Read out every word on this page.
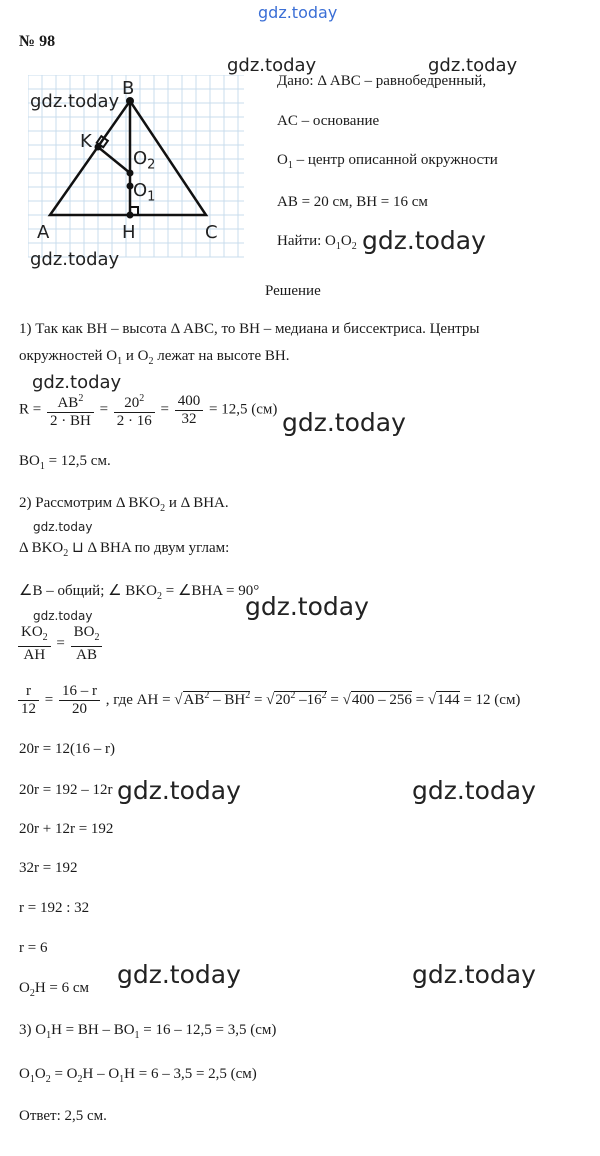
gdz.today
№ 98
B
K
$O_2$
$O_1$
A	H	C
gdz.today	gdz.today
gdz.today
Дано: Δ ABC – равнобедренный,
AC – основание
$O_1$ – центр описанной окружности
AB = 20 см, BH = 16 см
Найти: $O_1O_2$ gdz.today
gdz.today
Решение
1) Так как BH – высота Δ ABC, то BH – медиана и биссектриса. Центры
окружностей $O_1$ и $O_2$ лежат на высоте BH.
gdz.today
$R = \frac{AB^2}{2 \cdot BH} = \frac{20^2}{2 \cdot 16} = \frac{400}{32} = 12,5$ (см) gdz.today
$BO_1 = 12,5$ см.
2) Рассмотрим Δ $BKO_2$ и Δ BHA.
gdz.today
Δ $BKO_2$ ⊔ Δ BHA по двум углам:
∠B – общий; ∠ $BKO_2$ = ∠BHA = 90°
gdz.today
gdz.today
$\frac{KO_2}{AH} = \frac{BO_2}{AB}$
$\frac{r}{12} = \frac{16 - r}{20}$ , где AH = $√AB^2 - BH^2 = √20^2$ $-16^2 = √400 - 256 = √144 = 12$ (см)
20r = 12(16 – r)
20r = 192 – 12r gdz.today	gdz.today
20r + 12r = 192
32r = 192
r = 192 : 32
r = 6
gdz.today	gdz.today
$O_2H = 6$ см
3) $O_1H$ = BH – $BO_1 = 16 - 12,5 = 3,5$ (см)
$O_1O_2 = O_2H - O_1H = 6 - 3,5 = 2,5$ (см)
Ответ: 2,5 см.
